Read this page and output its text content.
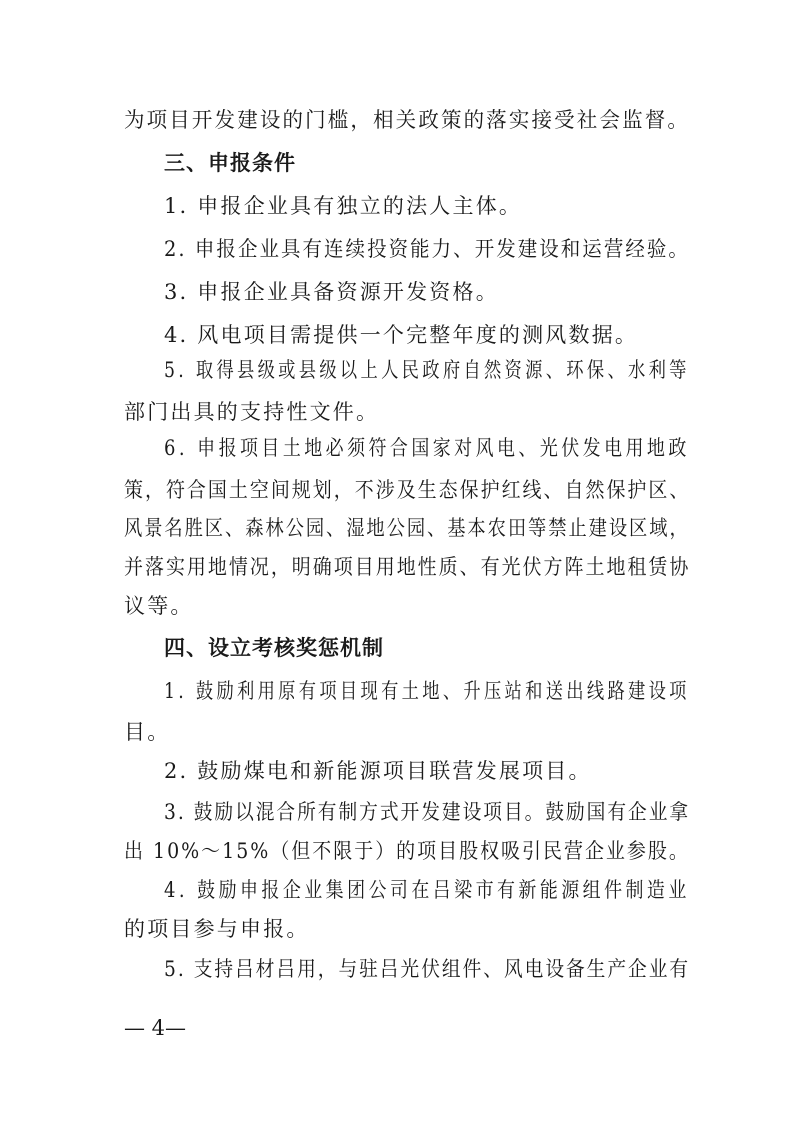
为项目开发建设的门槛，相关政策的落实接受社会监督。
三、申报条件
1. 申报企业具有独立的法人主体。
2. 申报企业具有连续投资能力、开发建设和运营经验。
3. 申报企业具备资源开发资格。
4. 风电项目需提供一个完整年度的测风数据。
5. 取得县级或县级以上人民政府自然资源、环保、水利等
部门出具的支持性文件。
6. 申报项目土地必须符合国家对风电、光伏发电用地政
策，符合国土空间规划，不涉及生态保护红线、自然保护区、
风景名胜区、森林公园、湿地公园、基本农田等禁止建设区域，
并落实用地情况，明确项目用地性质、有光伏方阵土地租赁协
议等。
四、设立考核奖惩机制
1. 鼓励利用原有项目现有土地、升压站和送出线路建设项
目。
2. 鼓励煤电和新能源项目联营发展项目。
3. 鼓励以混合所有制方式开发建设项目。鼓励国有企业拿
出 10%～15%（但不限于）的项目股权吸引民营企业参股。
4. 鼓励申报企业集团公司在吕梁市有新能源组件制造业
的项目参与申报。
5. 支持吕材吕用，与驻吕光伏组件、风电设备生产企业有
— 4—
